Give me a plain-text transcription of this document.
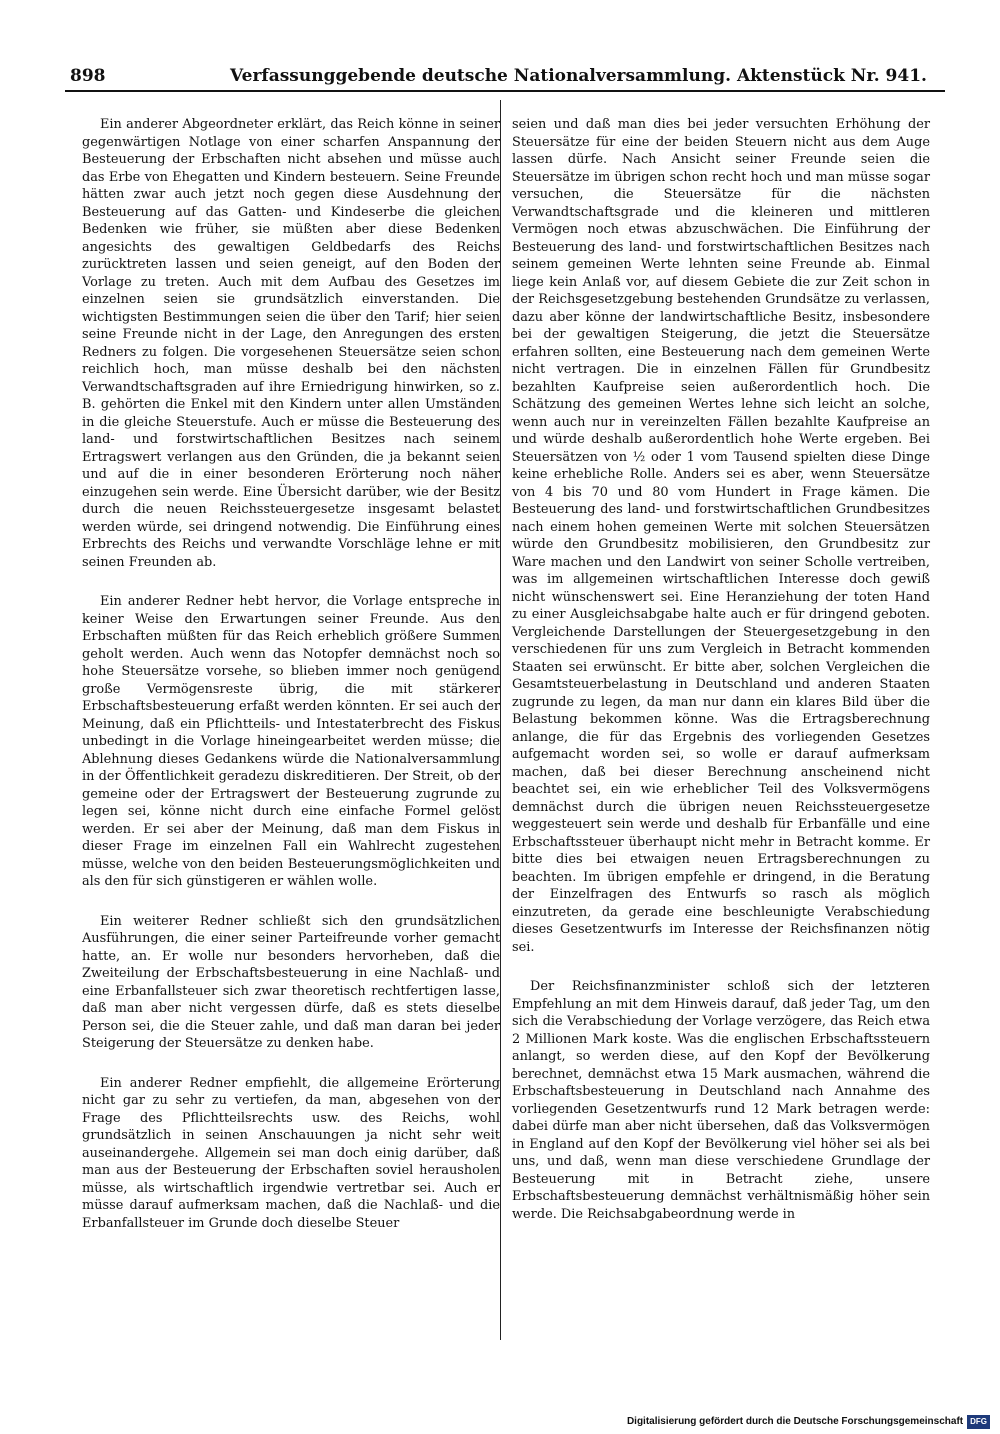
898	Verfassunggebende deutsche Nationalversammlung. Aktenstück Nr. 941.

Ein anderer Abgeordneter erklärt, das Reich könne in seiner gegenwärtigen Notlage von einer scharfen Anspannung der Besteuerung der Erbschaften nicht absehen und müsse auch das Erbe von Ehegatten und Kindern besteuern. Seine Freunde hätten zwar auch jetzt noch gegen diese Ausdehnung der Besteuerung auf das Gatten- und Kindeserbe die gleichen Bedenken wie früher, sie müßten aber diese Bedenken angesichts des gewaltigen Geldbedarfs des Reichs zurücktreten lassen und seien geneigt, auf den Boden der Vorlage zu treten. Auch mit dem Aufbau des Gesetzes im einzelnen seien sie grundsätzlich einverstanden. Die wichtigsten Bestimmungen seien die über den Tarif; hier seien seine Freunde nicht in der Lage, den Anregungen des ersten Redners zu folgen. Die vorgesehenen Steuersätze seien schon reichlich hoch, man müsse deshalb bei den nächsten Verwandtschaftsgraden auf ihre Erniedrigung hinwirken, so z. B. gehörten die Enkel mit den Kindern unter allen Umständen in die gleiche Steuerstufe. Auch er müsse die Besteuerung des land- und forstwirtschaftlichen Besitzes nach seinem Ertragswert verlangen aus den Gründen, die ja bekannt seien und auf die in einer besonderen Erörterung noch näher einzugehen sein werde. Eine Übersicht darüber, wie der Besitz durch die neuen Reichssteuergesetze insgesamt belastet werden würde, sei dringend notwendig. Die Einführung eines Erbrechts des Reichs und verwandte Vorschläge lehne er mit seinen Freunden ab.

Ein anderer Redner hebt hervor, die Vorlage entspreche in keiner Weise den Erwartungen seiner Freunde. Aus den Erbschaften müßten für das Reich erheblich größere Summen geholt werden. Auch wenn das Notopfer demnächst noch so hohe Steuersätze vorsehe, so blieben immer noch genügend große Vermögensreste übrig, die mit stärkerer Erbschaftsbesteuerung erfaßt werden könnten. Er sei auch der Meinung, daß ein Pflichtteils- und Intestaterbrecht des Fiskus unbedingt in die Vorlage hineingearbeitet werden müsse; die Ablehnung dieses Gedankens würde die Nationalversammlung in der Öffentlichkeit geradezu diskreditieren. Der Streit, ob der gemeine oder der Ertragswert der Besteuerung zugrunde zu legen sei, könne nicht durch eine einfache Formel gelöst werden. Er sei aber der Meinung, daß man dem Fiskus in dieser Frage im einzelnen Fall ein Wahlrecht zugestehen müsse, welche von den beiden Besteuerungsmöglichkeiten und als den für sich günstigeren er wählen wolle.

Ein weiterer Redner schließt sich den grundsätzlichen Ausführungen, die einer seiner Parteifreunde vorher gemacht hatte, an. Er wolle nur besonders hervorheben, daß die Zweiteilung der Erbschaftsbesteuerung in eine Nachlaß- und eine Erbanfallsteuer sich zwar theoretisch rechtfertigen lasse, daß man aber nicht vergessen dürfe, daß es stets dieselbe Person sei, die die Steuer zahle, und daß man daran bei jeder Steigerung der Steuersätze zu denken habe.

Ein anderer Redner empfiehlt, die allgemeine Erörterung nicht gar zu sehr zu vertiefen, da man, abgesehen von der Frage des Pflichtteilsrechts usw. des Reichs, wohl grundsätzlich in seinen Anschauungen ja nicht sehr weit auseinandergehe. Allgemein sei man doch einig darüber, daß man aus der Besteuerung der Erbschaften soviel herausholen müsse, als wirtschaftlich irgendwie vertretbar sei. Auch er müsse darauf aufmerksam machen, daß die Nachlaß- und die Erbanfallsteuer im Grunde doch dieselbe Steuer

seien und daß man dies bei jeder versuchten Erhöhung der Steuersätze für eine der beiden Steuern nicht aus dem Auge lassen dürfe. Nach Ansicht seiner Freunde seien die Steuersätze im übrigen schon recht hoch und man müsse sogar versuchen, die Steuersätze für die nächsten Verwandtschaftsgrade und die kleineren und mittleren Vermögen noch etwas abzuschwächen. Die Einführung der Besteuerung des land- und forstwirtschaftlichen Besitzes nach seinem gemeinen Werte lehnten seine Freunde ab. Einmal liege kein Anlaß vor, auf diesem Gebiete die zur Zeit schon in der Reichsgesetzgebung bestehenden Grundsätze zu verlassen, dazu aber könne der landwirtschaftliche Besitz, insbesondere bei der gewaltigen Steigerung, die jetzt die Steuersätze erfahren sollten, eine Besteuerung nach dem gemeinen Werte nicht vertragen. Die in einzelnen Fällen für Grundbesitz bezahlten Kaufpreise seien außerordentlich hoch. Die Schätzung des gemeinen Wertes lehne sich leicht an solche, wenn auch nur in vereinzelten Fällen bezahlte Kaufpreise an und würde deshalb außerordentlich hohe Werte ergeben. Bei Steuersätzen von ½ oder 1 vom Tausend spielten diese Dinge keine erhebliche Rolle. Anders sei es aber, wenn Steuersätze von 4 bis 70 und 80 vom Hundert in Frage kämen. Die Besteuerung des land- und forstwirtschaftlichen Grundbesitzes nach einem hohen gemeinen Werte mit solchen Steuersätzen würde den Grundbesitz mobilisieren, den Grundbesitz zur Ware machen und den Landwirt von seiner Scholle vertreiben, was im allgemeinen wirtschaftlichen Interesse doch gewiß nicht wünschenswert sei. Eine Heranziehung der toten Hand zu einer Ausgleichsabgabe halte auch er für dringend geboten. Vergleichende Darstellungen der Steuergesetzgebung in den verschiedenen für uns zum Vergleich in Betracht kommenden Staaten sei erwünscht. Er bitte aber, solchen Vergleichen die Gesamtsteuerbelastung in Deutschland und anderen Staaten zugrunde zu legen, da man nur dann ein klares Bild über die Belastung bekommen könne. Was die Ertragsberechnung anlange, die für das Ergebnis des vorliegenden Gesetzes aufgemacht worden sei, so wolle er darauf aufmerksam machen, daß bei dieser Berechnung anscheinend nicht beachtet sei, ein wie erheblicher Teil des Volksvermögens demnächst durch die übrigen neuen Reichssteuergesetze weggesteuert sein werde und deshalb für Erbanfälle und eine Erbschaftssteuer überhaupt nicht mehr in Betracht komme. Er bitte dies bei etwaigen neuen Ertragsberechnungen zu beachten. Im übrigen empfehle er dringend, in die Beratung der Einzelfragen des Entwurfs so rasch als möglich einzutreten, da gerade eine beschleunigte Verabschiedung dieses Gesetzentwurfs im Interesse der Reichsfinanzen nötig sei.

Der Reichsfinanzminister schloß sich der letzteren Empfehlung an mit dem Hinweis darauf, daß jeder Tag, um den sich die Verabschiedung der Vorlage verzögere, das Reich etwa 2 Millionen Mark koste. Was die englischen Erbschaftssteuern anlangt, so werden diese, auf den Kopf der Bevölkerung berechnet, demnächst etwa 15 Mark ausmachen, während die Erbschaftsbesteuerung in Deutschland nach Annahme des vorliegenden Gesetzentwurfs rund 12 Mark betragen werde: dabei dürfe man aber nicht übersehen, daß das Volksvermögen in England auf den Kopf der Bevölkerung viel höher sei als bei uns, und daß, wenn man diese verschiedene Grundlage der Besteuerung mit in Betracht ziehe, unsere Erbschaftsbesteuerung demnächst verhältnismäßig höher sein werde. Die Reichsabgabeordnung werde in

Digitalisierung gefördert durch die Deutsche Forschungsgemeinschaft DFG
